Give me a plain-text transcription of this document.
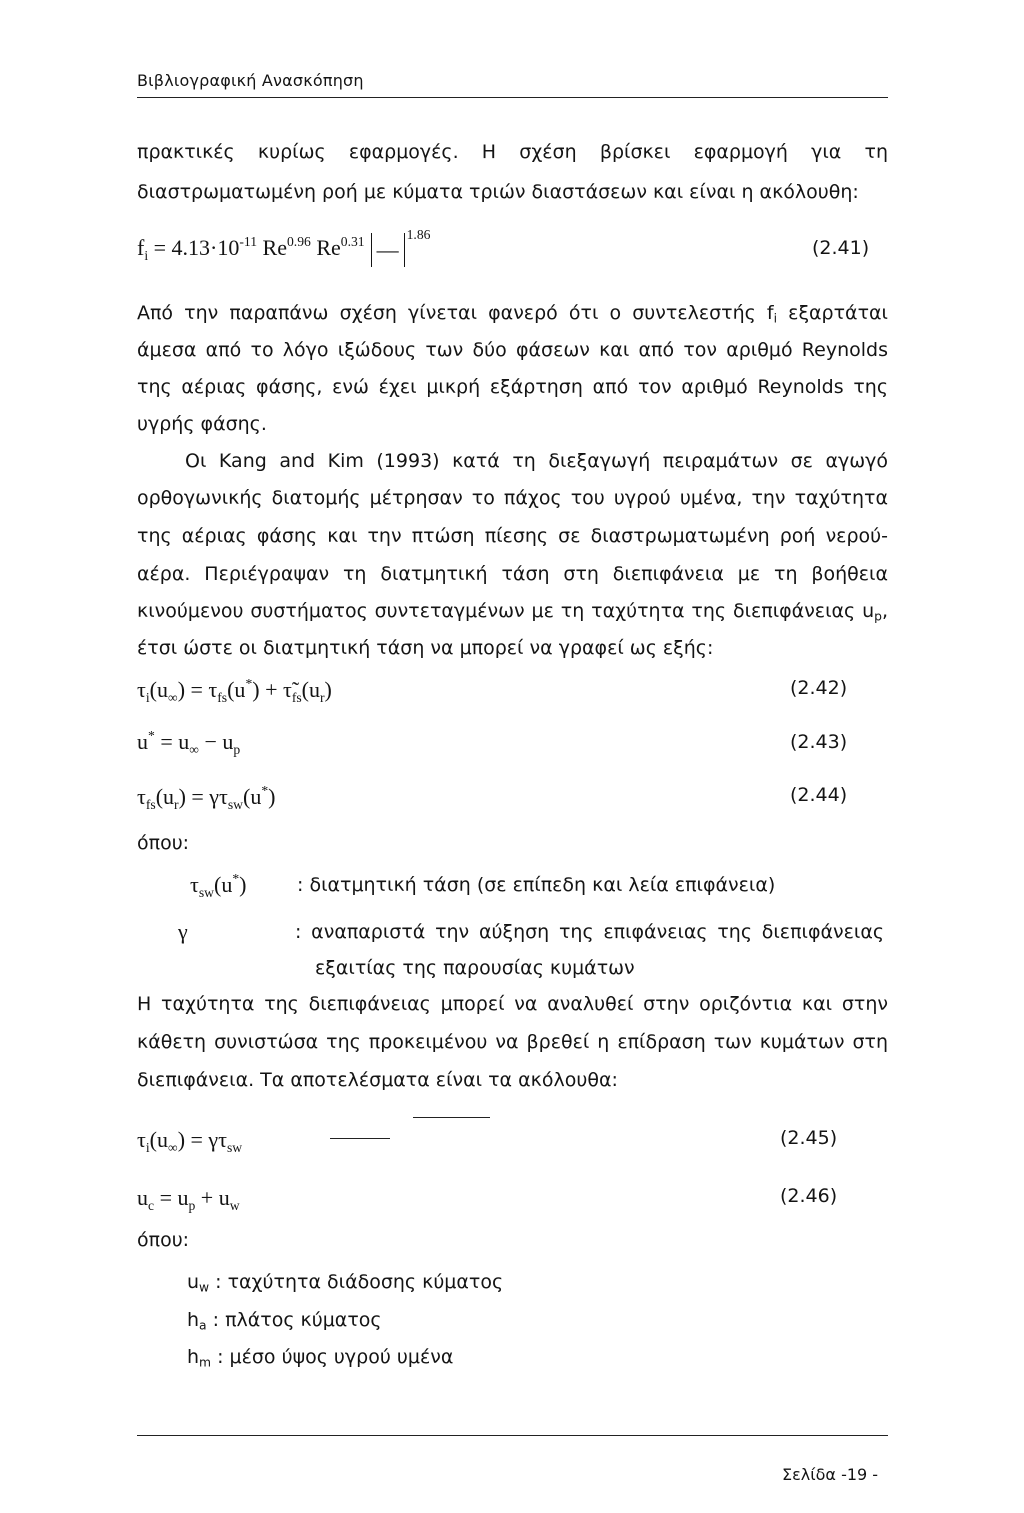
Βιβλιογραφική Ανασκόπηση
πρακτικές κυρίως εφαρμογές. Η σχέση βρίσκει εφαρμογή για τη
διαστρωματωμένη ροή με κύματα τριών διαστάσεων και είναι η ακόλουθη:
$f_i = 4.13\cdot 10^{-11}$ $Re^{0.96}$ $Re^{0.31}$ —$^{1.86}$
(2.41)
Από την παραπάνω σχέση γίνεται φανερό ότι ο συντελεστής $f_i$ εξαρτάται
άμεσα από το λόγο ιξώδους των δύο φάσεων και από τον αριθμό Reynolds
της αέριας φάσης, ενώ έχει μικρή εξάρτηση από τον αριθμό Reynolds της
υγρής φάσης.
Οι Kang and Kim (1993) κατά τη διεξαγωγή πειραμάτων σε αγωγό
ορθογωνικής διατομής μέτρησαν το πάχος του υγρού υμένα, την ταχύτητα
της αέριας φάσης και την πτώση πίεσης σε διαστρωματωμένη ροή νερού-
αέρα. Περιέγραψαν τη διατμητική τάση στη διεπιφάνεια με τη βοήθεια
κινούμενου συστήματος συντεταγμένων με τη ταχύτητα της διεπιφάνειας $u_p$,
έτσι ώστε οι διατμητική τάση να μπορεί να γραφεί ως εξής:
$\tau_i(u_\infty) = \tau_{fs}(u^*)$ + $\taũ_{fs}(u_r)$	(2.42)
$u^* = u_\infty - u_p$	(2.43)
$\tau_{fs}(u_r) = \gamma\tau_{sw}(u^*)$	(2.44)
όπου:
$\tau_{sw}(u^*)$	: διατμητική τάση (σε επίπεδη και λεία επιφάνεια)
γ	: αναπαριστά την αύξηση της επιφάνειας της διεπιφάνειας
εξαιτίας της παρουσίας κυμάτων
Η ταχύτητα της διεπιφάνειας μπορεί να αναλυθεί στην οριζόντια και στην
κάθετη συνιστώσα της προκειμένου να βρεθεί η επίδραση των κυμάτων στη
διεπιφάνεια. Τα αποτελέσματα είναι τα ακόλουθα:
$\tau_i(u_\infty) = \gamma\tau_{sw}$	(2.45)
$u_c = u_p + u_w$	(2.46)
όπου:
$u_w$ : ταχύτητα διάδοσης κύματος
$h_a$ : πλάτος κύματος
$h_m$ : μέσο ύψος υγρού υμένα
Σελίδα -19 -
